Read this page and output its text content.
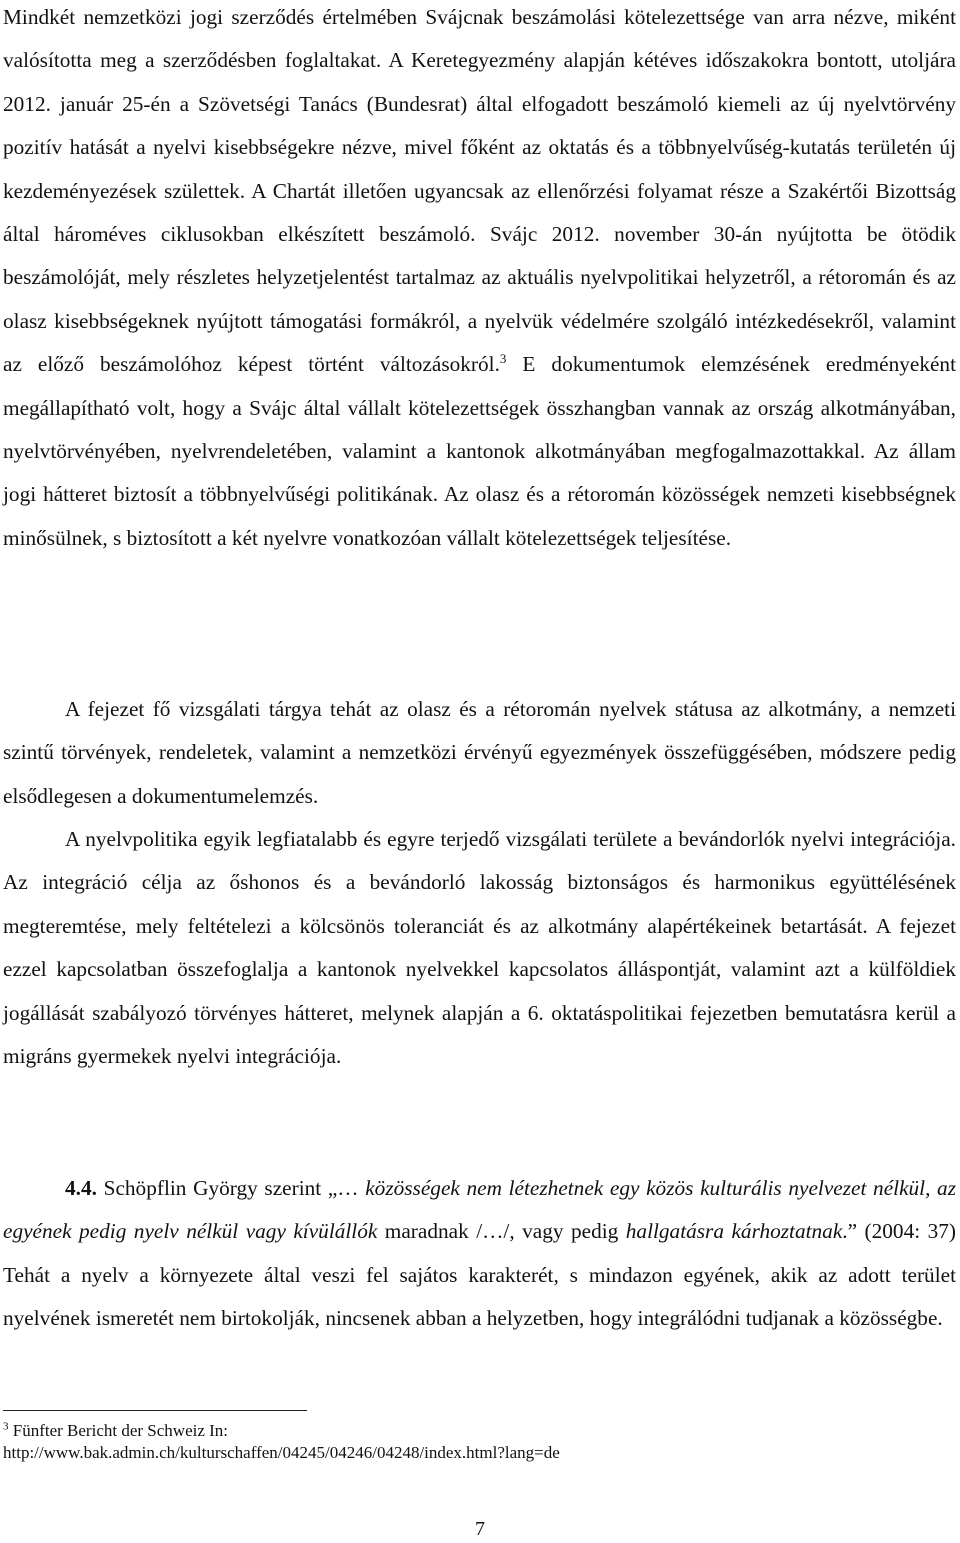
Mindkét nemzetközi jogi szerződés értelmében Svájcnak beszámolási kötelezettsége van arra nézve, miként valósította meg a szerződésben foglaltakat. A Keretegyezmény alapján kétéves időszakokra bontott, utoljára 2012. január 25-én a Szövetségi Tanács (Bundesrat) által elfogadott beszámoló kiemeli az új nyelvtörvény pozitív hatását a nyelvi kisebbségekre nézve, mivel főként az oktatás és a többnyelvűség-kutatás területén új kezdeményezések születtek. A Chartát illetően ugyancsak az ellenőrzési folyamat része a Szakértői Bizottság által hároméves ciklusokban elkészített beszámoló. Svájc 2012. november 30-án nyújtotta be ötödik beszámolóját, mely részletes helyzetjelentést tartalmaz az aktuális nyelvpolitikai helyzetről, a rétoromán és az olasz kisebbségeknek nyújtott támogatási formákról, a nyelvük védelmére szolgáló intézkedésekről, valamint az előző beszámolóhoz képest történt változásokról.$^3$ E dokumentumok elemzésének eredményeként megállapítható volt, hogy a Svájc által vállalt kötelezettségek összhangban vannak az ország alkotmányában, nyelvtörvényében, nyelvrendeletében, valamint a kantonok alkotmányában megfogalmazottakkal. Az állam jogi hátteret biztosít a többnyelvűségi politikának. Az olasz és a rétoromán közösségek nemzeti kisebbségnek minősülnek, s biztosított a két nyelvre vonatkozóan vállalt kötelezettségek teljesítése.

A fejezet fő vizsgálati tárgya tehát az olasz és a rétoromán nyelvek státusa az alkotmány, a nemzeti szintű törvények, rendeletek, valamint a nemzetközi érvényű egyezmények összefüggésében, módszere pedig elsődlegesen a dokumentumelemzés.

A nyelvpolitika egyik legfiatalabb és egyre terjedő vizsgálati területe a bevándorlók nyelvi integrációja. Az integráció célja az őshonos és a bevándorló lakosság biztonságos és harmonikus együttélésének megteremtése, mely feltételezi a kölcsönös toleranciát és az alkotmány alapértékeinek betartását. A fejezet ezzel kapcsolatban összefoglalja a kantonok nyelvekkel kapcsolatos álláspontját, valamint azt a külföldiek jogállását szabályozó törvényes hátteret, melynek alapján a 6. oktatáspolitikai fejezetben bemutatásra kerül a migráns gyermekek nyelvi integrációja.

4.4. Schöpflin György szerint „… közösségek nem létezhetnek egy közös kulturális nyelvezet nélkül, az egyének pedig nyelv nélkül vagy kívülállók maradnak /…/, vagy pedig hallgatásra kárhoztatnak.” (2004: 37) Tehát a nyelv a környezete által veszi fel sajátos karakterét, s mindazon egyének, akik az adott terület nyelvének ismeretét nem birtokolják, nincsenek abban a helyzetben, hogy integrálódni tudjanak a közösségbe.

$^3$ Fünfter Bericht der Schweiz In:
http://www.bak.admin.ch/kulturschaffen/04245/04246/04248/index.html?lang=de

7
